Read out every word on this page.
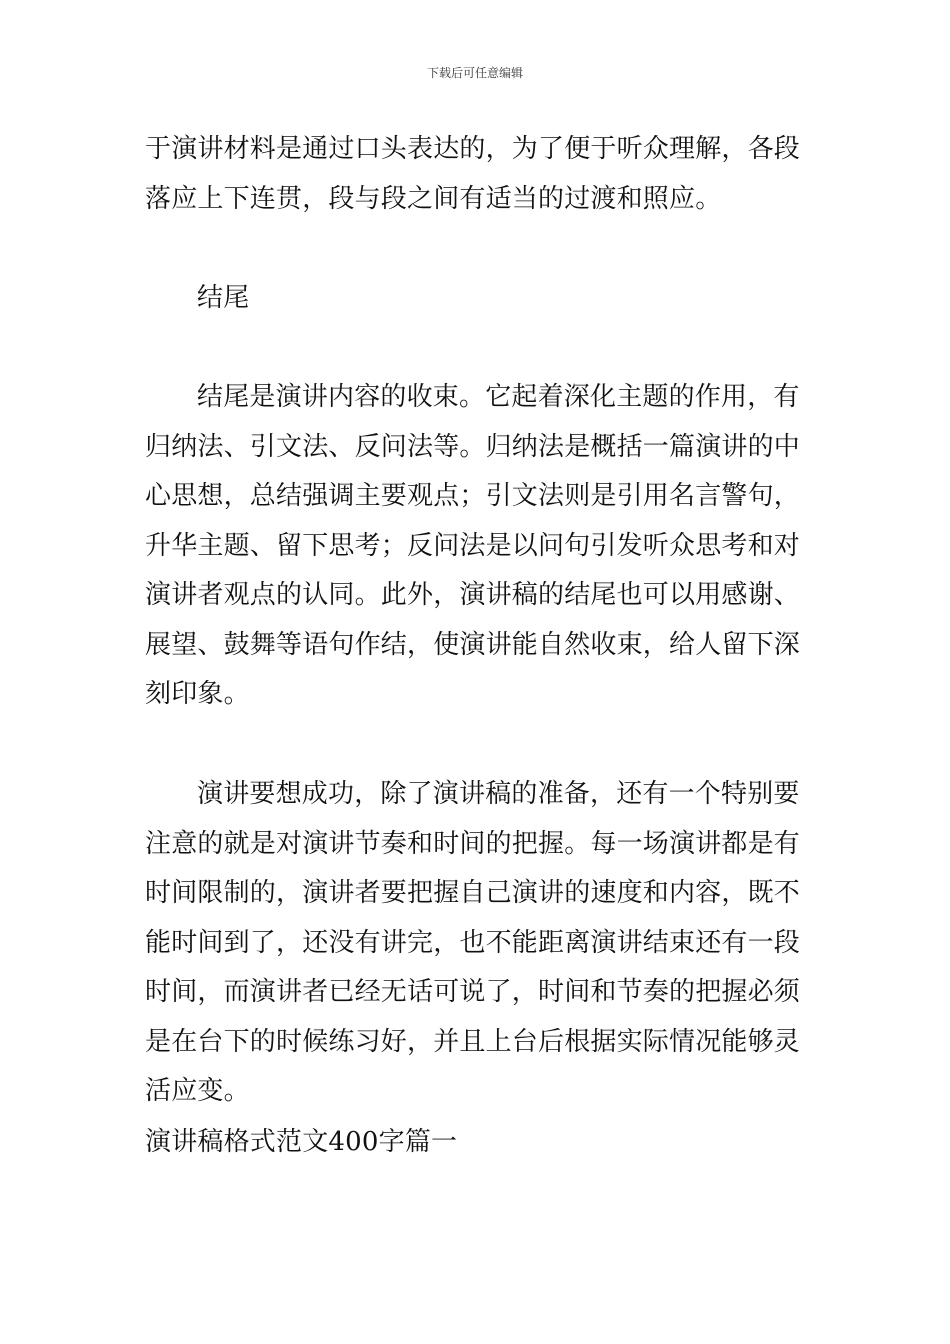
下载后可任意编辑

于演讲材料是通过口头表达的，为了便于听众理解，各段

落应上下连贯，段与段之间有适当的过渡和照应。

结尾

结尾是演讲内容的收束。它起着深化主题的作用，有

归纳法、引文法、反问法等。归纳法是概括一篇演讲的中

心思想，总结强调主要观点；引文法则是引用名言警句，

升华主题、留下思考；反问法是以问句引发听众思考和对

演讲者观点的认同。此外，演讲稿的结尾也可以用感谢、

展望、鼓舞等语句作结，使演讲能自然收束，给人留下深

刻印象。

演讲要想成功，除了演讲稿的准备，还有一个特别要

注意的就是对演讲节奏和时间的把握。每一场演讲都是有

时间限制的，演讲者要把握自己演讲的速度和内容，既不

能时间到了，还没有讲完，也不能距离演讲结束还有一段

时间，而演讲者已经无话可说了，时间和节奏的把握必须

是在台下的时候练习好，并且上台后根据实际情况能够灵

活应变。

演讲稿格式范文400字篇一
